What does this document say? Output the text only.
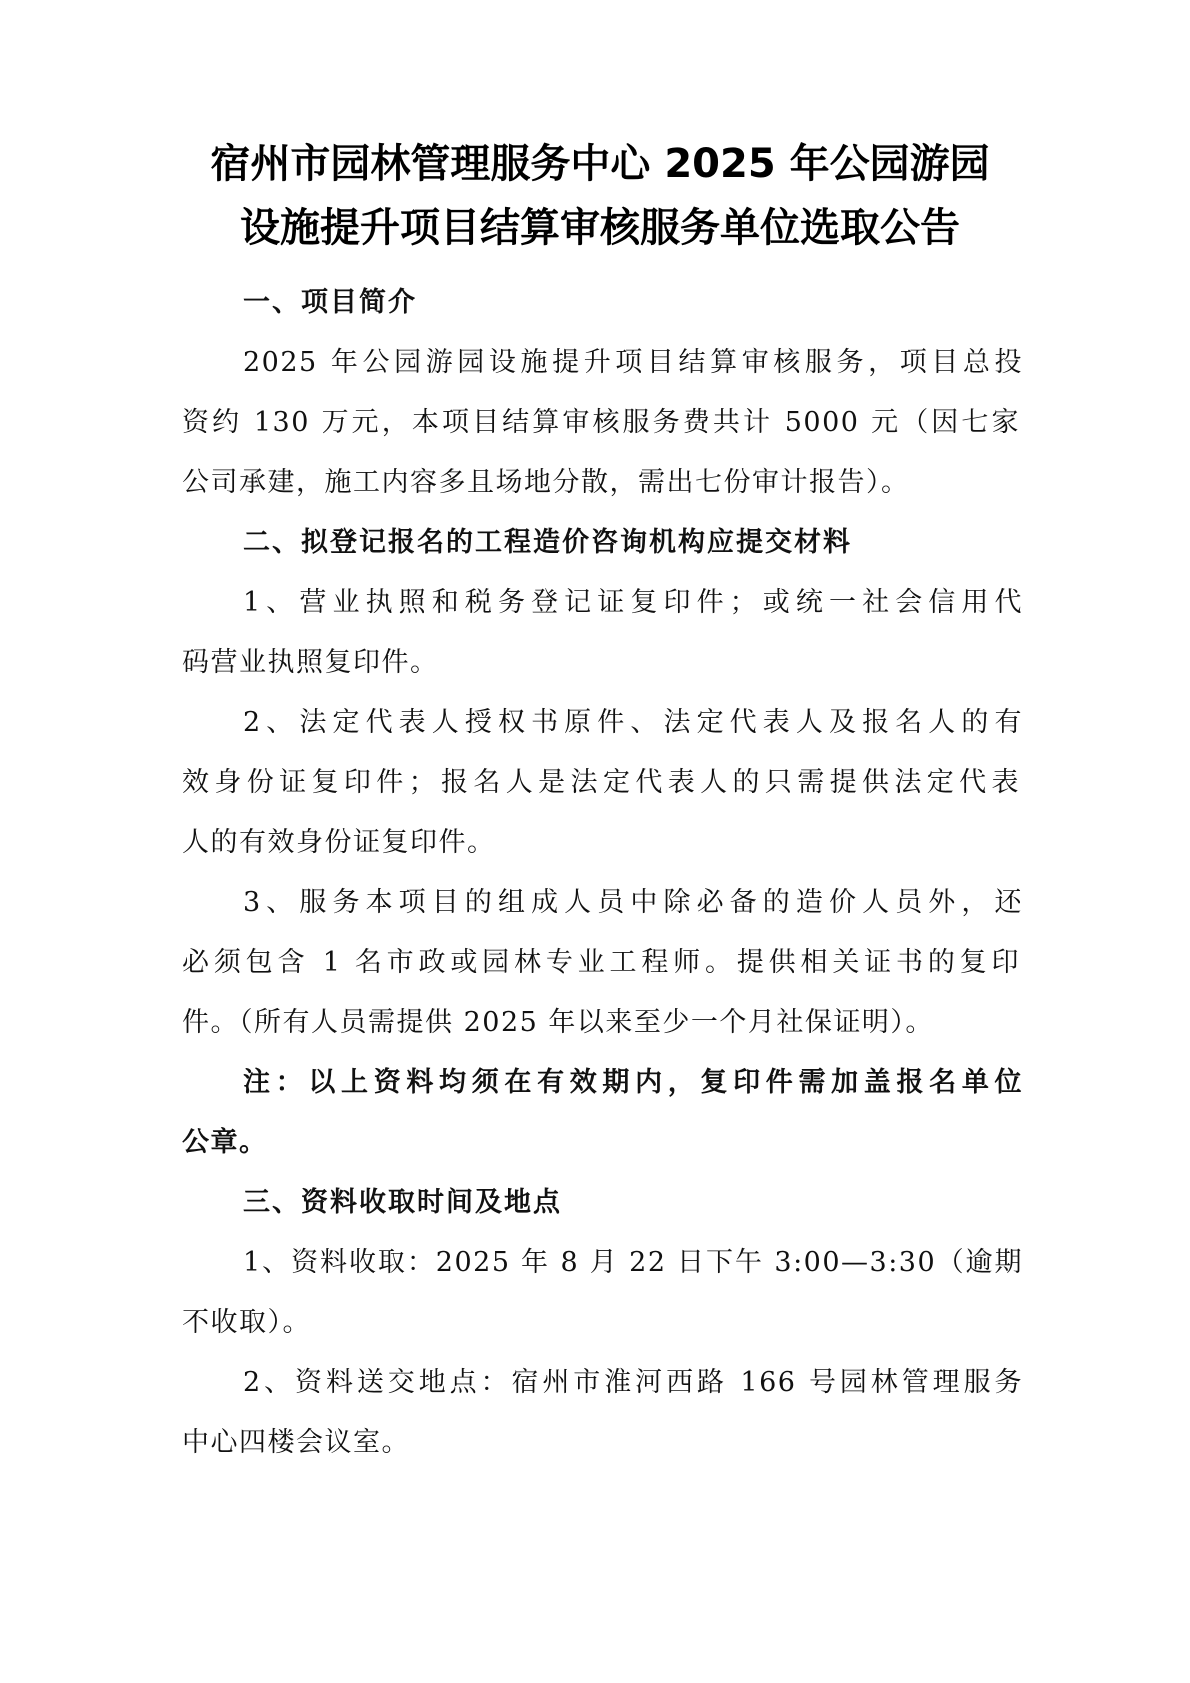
宿州市园林管理服务中心 2025 年公园游园
设施提升项目结算审核服务单位选取公告
一、项目简介
2025 年公园游园设施提升项目结算审核服务，项目总投
资约 130 万元，本项目结算审核服务费共计 5000 元（因七家
公司承建，施工内容多且场地分散，需出七份审计报告）。
二、拟登记报名的工程造价咨询机构应提交材料
1、营业执照和税务登记证复印件；或统一社会信用代
码营业执照复印件。
2、法定代表人授权书原件、法定代表人及报名人的有
效身份证复印件；报名人是法定代表人的只需提供法定代表
人的有效身份证复印件。
3、服务本项目的组成人员中除必备的造价人员外，还
必须包含 1 名市政或园林专业工程师。提供相关证书的复印
件。（所有人员需提供 2025 年以来至少一个月社保证明）。
注：以上资料均须在有效期内，复印件需加盖报名单位
公章。
三、资料收取时间及地点
1、资料收取：2025 年 8 月 22 日下午 3:00—3:30（逾期
不收取）。
2、资料送交地点：宿州市淮河西路 166 号园林管理服务
中心四楼会议室。
